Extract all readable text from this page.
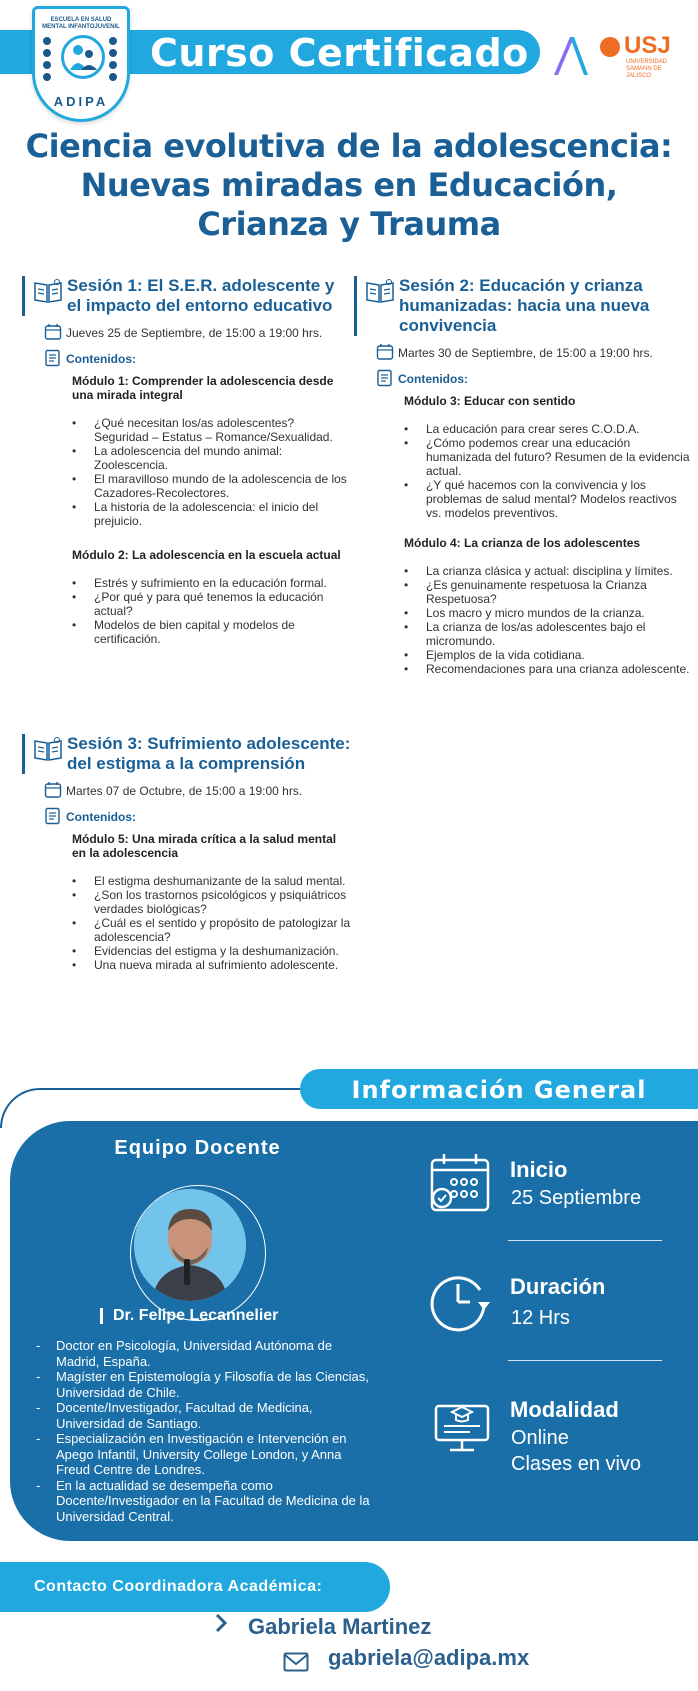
Curso Certificado
ESCUELA EN SALUD MENTAL INFANTOJUVENIL
ADIPA
USJ
UNIVERSIDAD SAMANN DE JALISCO
Ciencia evolutiva de la adolescencia: Nuevas miradas en Educación, Crianza y Trauma
Sesión 1: El S.E.R. adolescente y el impacto del entorno educativo
Jueves 25 de Septiembre, de 15:00 a 19:00 hrs.
Contenidos:
Módulo 1: Comprender la adolescencia desde una mirada integral
• ¿Qué necesitan los/as adolescentes? Seguridad – Estatus – Romance/Sexualidad.
• La adolescencia del mundo animal: Zoolescencia.
• El maravilloso mundo de la adolescencia de los Cazadores-Recolectores.
• La historia de la adolescencia: el inicio del prejuicio.
Módulo 2: La adolescencia en la escuela actual
• Estrés y sufrimiento en la educación formal.
• ¿Por qué y para qué tenemos la educación actual?
• Modelos de bien capital y modelos de certificación.
Sesión 2: Educación y crianza humanizadas: hacia una nueva convivencia
Martes 30 de Septiembre, de 15:00 a 19:00 hrs.
Contenidos:
Módulo 3: Educar con sentido
• La educación para crear seres C.O.D.A.
• ¿Cómo podemos crear una educación humanizada del futuro? Resumen de la evidencia actual.
• ¿Y qué hacemos con la convivencia y los problemas de salud mental? Modelos reactivos vs. modelos preventivos.
Módulo 4: La crianza de los adolescentes
• La crianza clásica y actual: disciplina y límites.
• ¿Es genuinamente respetuosa la Crianza Respetuosa?
• Los macro y micro mundos de la crianza.
• La crianza de los/as adolescentes bajo el micromundo.
• Ejemplos de la vida cotidiana.
• Recomendaciones para una crianza adolescente.
Sesión 3: Sufrimiento adolescente: del estigma a la comprensión
Martes 07 de Octubre, de 15:00 a 19:00 hrs.
Contenidos:
Módulo 5: Una mirada crítica a la salud mental en la adolescencia
• El estigma deshumanizante de la salud mental.
• ¿Son los trastornos psicológicos y psiquiátricos verdades biológicas?
• ¿Cuál es el sentido y propósito de patologizar la adolescencia?
• Evidencias del estigma y la deshumanización.
• Una nueva mirada al sufrimiento adolescente.
Información General
Equipo Docente
Dr. Felipe Lecannelier
- Doctor en Psicología, Universidad Autónoma de Madrid, España.
- Magíster en Epistemología y Filosofía de las Ciencias, Universidad de Chile.
- Docente/Investigador, Facultad de Medicina, Universidad de Santiago.
- Especialización en Investigación e Intervención en Apego Infantil, University College London, y Anna Freud Centre de Londres.
- En la actualidad se desempeña como Docente/Investigador en la Facultad de Medicina de la Universidad Central.
Inicio
25 Septiembre
Duración
12 Hrs
Modalidad
Online
Clases en vivo
Contacto Coordinadora Académica:
Gabriela Martinez
gabriela@adipa.mx
